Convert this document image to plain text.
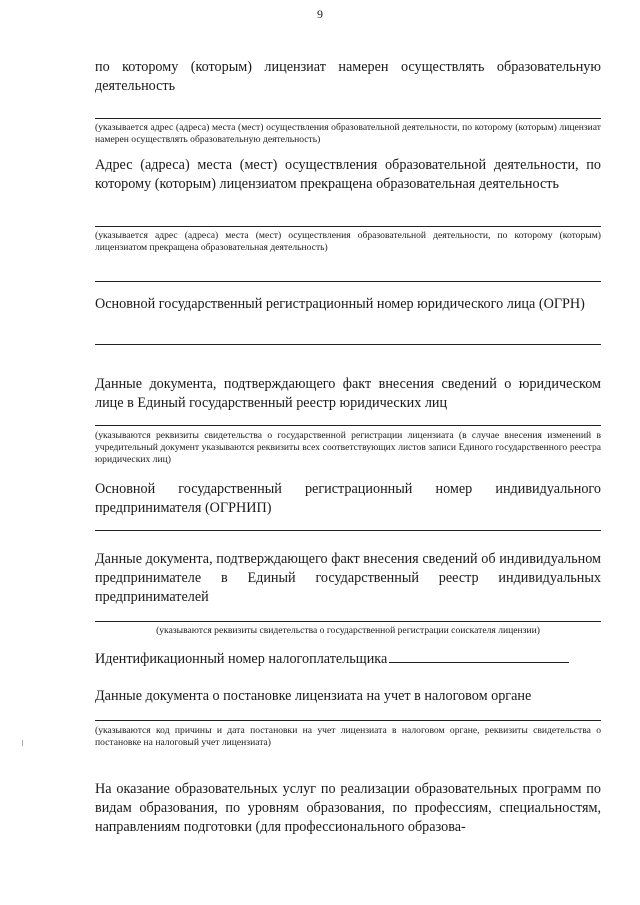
9
по которому (которым) лицензиат намерен осуществлять образовательную деятельность
(указывается адрес (адреса) места (мест) осуществления образовательной деятельности, по которому (которым) лицензиат намерен осуществлять образовательную деятельность)
Адрес (адреса) места (мест) осуществления образовательной деятельности, по которому (которым) лицензиатом прекращена образовательная деятельность
(указывается адрес (адреса) места (мест) осуществления образовательной деятельности, по которому (которым) лицензиатом прекращена образовательная деятельность)
Основной государственный регистрационный номер юридического лица (ОГРН)
Данные документа, подтверждающего факт внесения сведений о юридическом лице в Единый государственный реестр юридических лиц
(указываются реквизиты свидетельства о государственной регистрации лицензиата (в случае внесения изменений в учредительный документ указываются реквизиты всех соответствующих листов записи Единого государственного реестра юридических лиц)
Основной государственный регистрационный номер индивидуального предпринимателя (ОГРНИП)
Данные документа, подтверждающего факт внесения сведений об индивидуальном предпринимателе в Единый государственный реестр индивидуальных предпринимателей
(указываются реквизиты свидетельства о государственной регистрации соискателя лицензии)
Идентификационный номер налогоплательщика
Данные документа о постановке лицензиата на учет в налоговом органе
(указываются код причины и дата постановки на учет лицензиата в налоговом органе, реквизиты свидетельства о постановке на налоговый учет лицензиата)
На оказание образовательных услуг по реализации образовательных программ по видам образования, по уровням образования, по профессиям, специальностям, направлениям подготовки (для профессионального образова-
